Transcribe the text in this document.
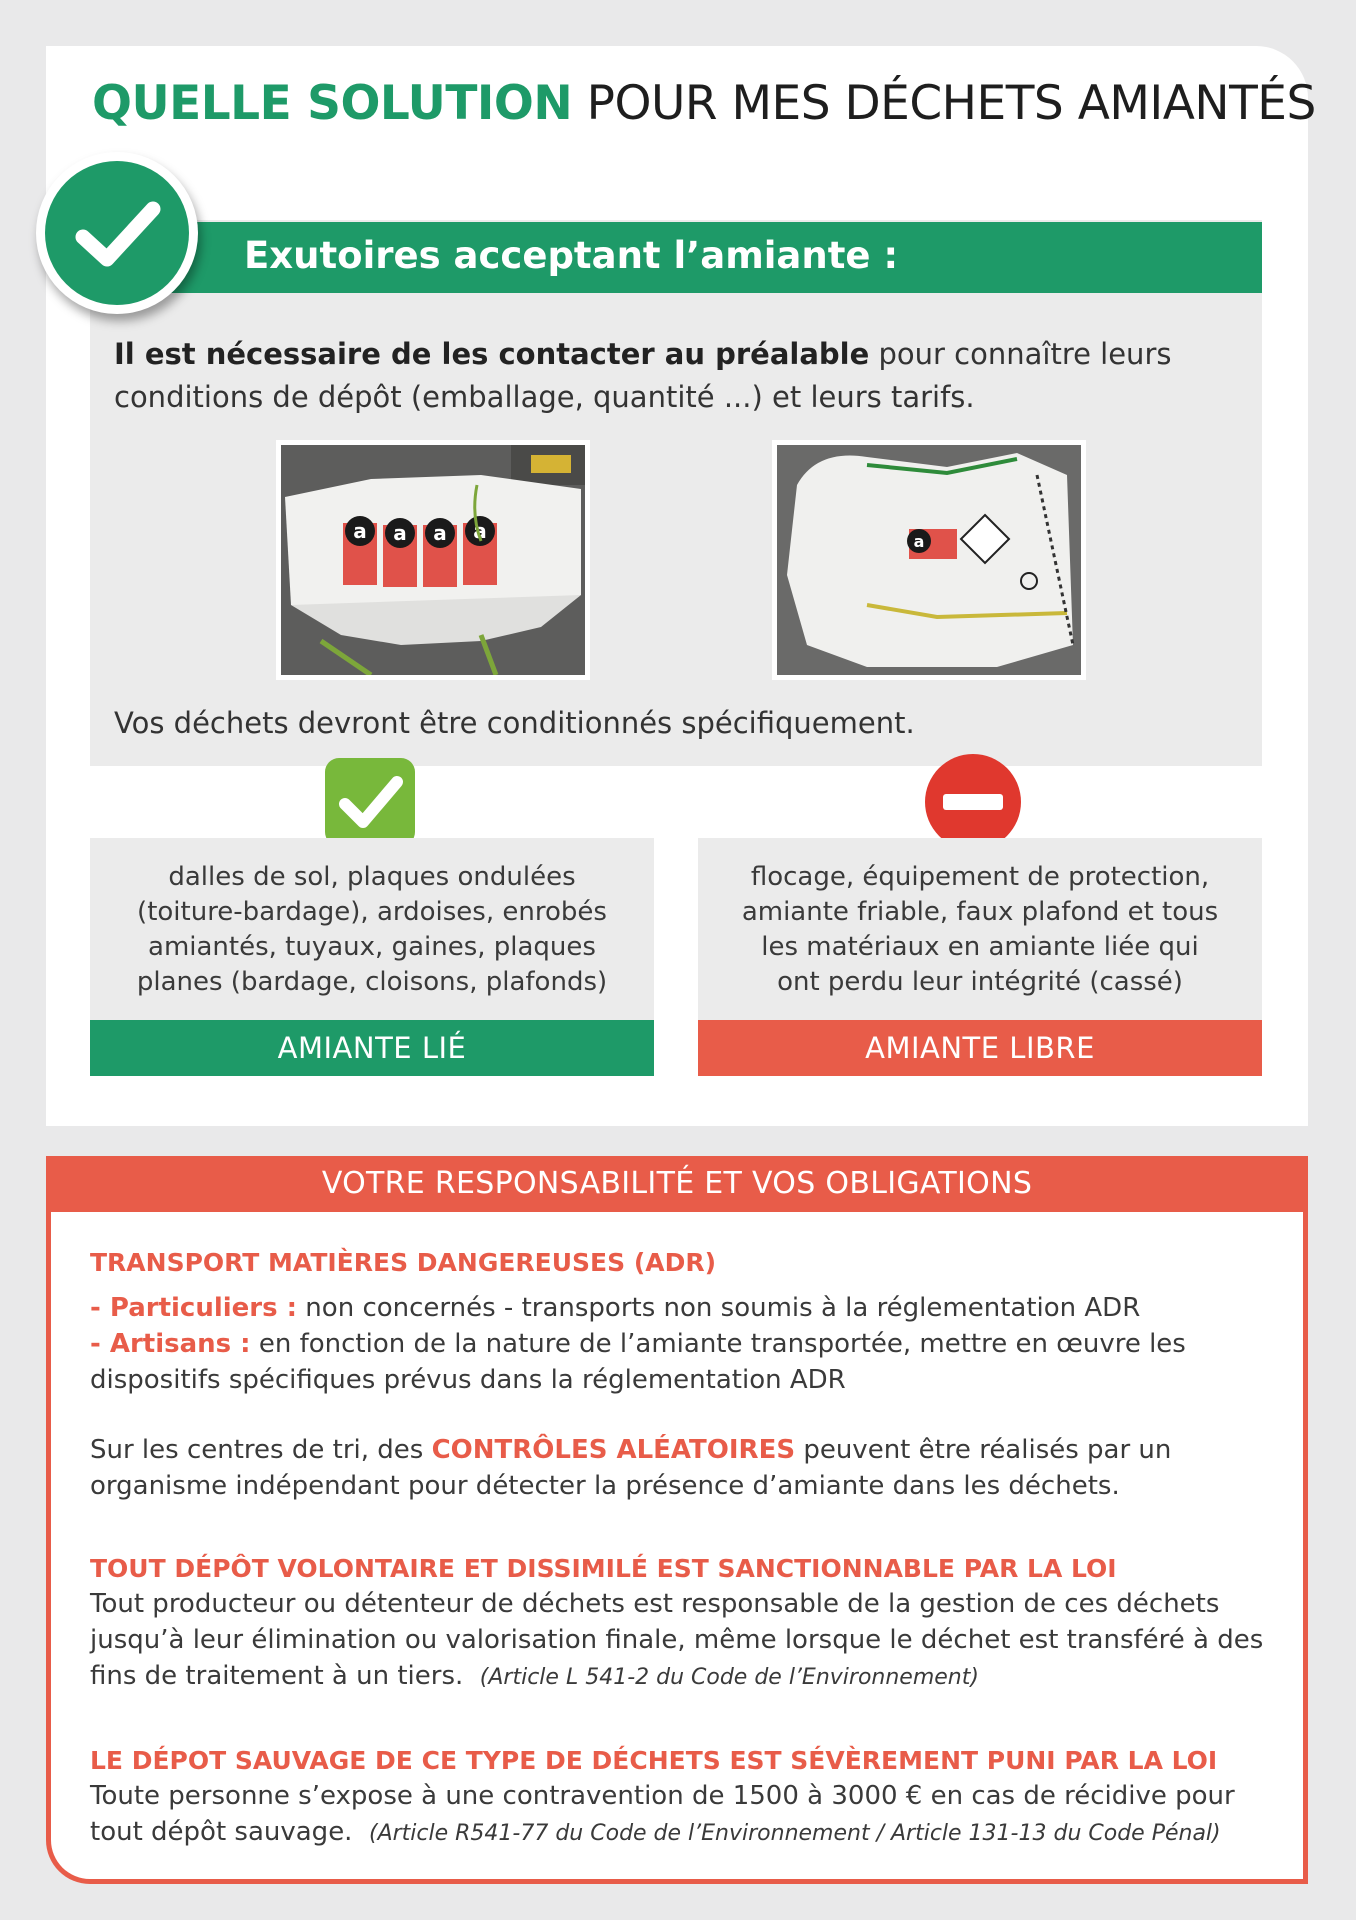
QUELLE SOLUTION POUR MES DÉCHETS AMIANTÉS
Exutoires acceptant l’amiante :

Il est nécessaire de les contacter au préalable pour connaître leurs conditions de dépôt (emballage, quantité ...) et leurs tarifs.

a a a a	a

Vos déchets devront être conditionnés spécifiquement.

dalles de sol, plaques ondulées (toiture-bardage), ardoises, enrobés amiantés, tuyaux, gaines, plaques planes (bardage, cloisons, plafonds)

flocage, équipement de protection, amiante friable, faux plafond et tous les matériaux en amiante liée qui ont perdu leur intégrité (cassé)

AMIANTE LIÉ	AMIANTE LIBRE
VOTRE RESPONSABILITÉ ET VOS OBLIGATIONS

TRANSPORT MATIÈRES DANGEREUSES (ADR)

- Particuliers : non concernés - transports non soumis à la réglementation ADR

- Artisans : en fonction de la nature de l’amiante transportée, mettre en œuvre les dispositifs spécifiques prévus dans la réglementation ADR

Sur les centres de tri, des CONTRÔLES ALÉATOIRES peuvent être réalisés par un organisme indépendant pour détecter la présence d’amiante dans les déchets.

TOUT DÉPÔT VOLONTAIRE ET DISSIMILÉ EST SANCTIONNABLE PAR LA LOI

Tout producteur ou détenteur de déchets est responsable de la gestion de ces déchets jusqu’à leur élimination ou valorisation finale, même lorsque le déchet est transféré à des fins de traitement à un tiers. (Article L 541-2 du Code de l’Environnement)

LE DÉPOT SAUVAGE DE CE TYPE DE DÉCHETS EST SÉVÈREMENT PUNI PAR LA LOI

Toute personne s’expose à une contravention de 1500 à 3000 € en cas de récidive pour tout dépôt sauvage. (Article R541-77 du Code de l’Environnement / Article 131-13 du Code Pénal)
